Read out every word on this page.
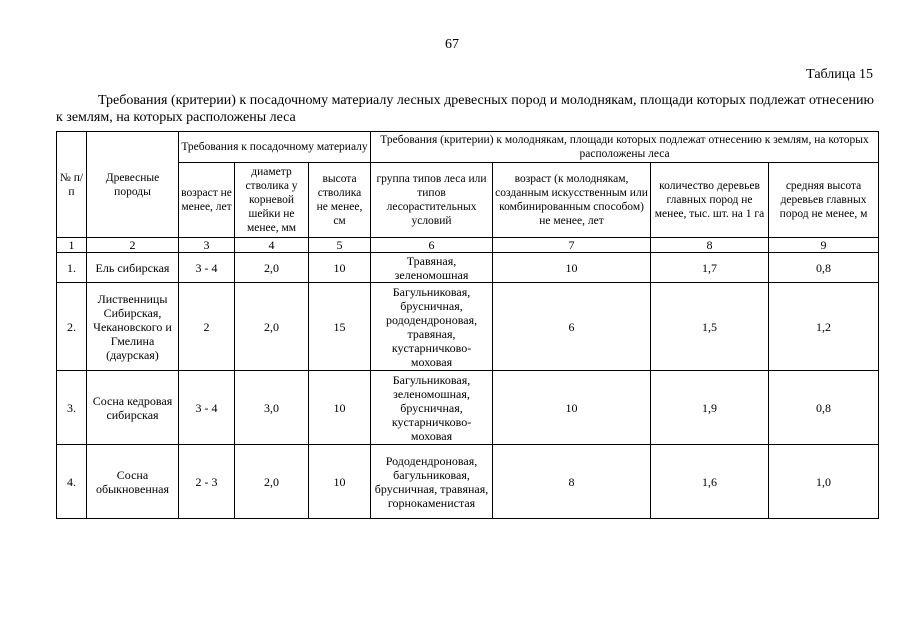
67
Таблица 15
Требования (критерии) к посадочному материалу лесных древесных пород и молоднякам, площади которых подлежат отнесению к землям, на которых расположены леса
№ п/п	Древесные породы	Требования к посадочному материалу			Требования (критерии) к молоднякам, площади которых подлежат отнесению к землям, на которых расположены леса			
		возраст не менее, лет	диаметр стволика у корневой шейки не менее, мм	высота стволика не менее, см	группа типов леса или типов лесорастительных условий	возраст (к молоднякам, созданным искусственным или комбинированным способом) не менее, лет	количество деревьев главных пород не менее, тыс. шт. на 1 га	средняя высота деревьев главных пород не менее, м
1	2	3	4	5	6	7	8	9
1.	Ель сибирская	3 - 4	2,0	10	Травяная, зеленомошная	10	1,7	0,8
2.	Лиственницы Сибирская, Чекановского и Гмелина (даурская)	2	2,0	15	Багульниковая, брусничная, рододендроновая, травяная, кустарничково-моховая	6	1,5	1,2
3.	Сосна кедровая сибирская	3 - 4	3,0	10	Багульниковая, зеленомошная, брусничная, кустарничково-моховая	10	1,9	0,8
4.	Сосна обыкновенная	2 - 3	2,0	10	Рододендроновая, багульниковая, брусничная, травяная, горнокаменистая	8	1,6	1,0
